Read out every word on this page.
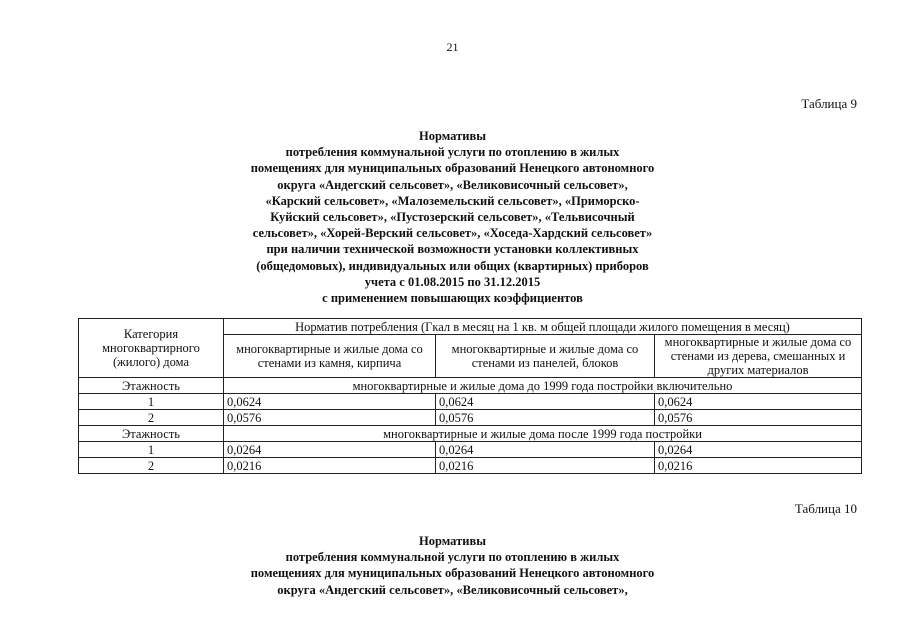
21
Таблица 9
Нормативы
потребления коммунальной услуги по отоплению в жилых
помещениях для муниципальных образований Ненецкого автономного
округа «Андегский сельсовет», «Великовисочный сельсовет»,
«Карский сельсовет», «Малоземельский сельсовет», «Приморско-
Куйский сельсовет», «Пустозерский сельсовет», «Тельвисочный
сельсовет», «Хорей-Верский сельсовет», «Хоседа-Хардский сельсовет»
при наличии технической возможности установки коллективных
(общедомовых), индивидуальных или общих (квартирных) приборов
учета с 01.08.2015 по 31.12.2015
с применением повышающих коэффициентов
Категория многоквартирного (жилого) дома	Норматив потребления (Гкал в месяц на 1 кв. м общей площади жилого помещения в месяц)		
	многоквартирные и жилые дома со стенами из камня, кирпича	многоквартирные и жилые дома со стенами из панелей, блоков	многоквартирные и жилые дома со стенами из дерева, смешанных и других материалов
Этажность	многоквартирные и жилые дома до 1999 года постройки включительно		
1	0,0624	0,0624	0,0624
2	0,0576	0,0576	0,0576
Этажность	многоквартирные и жилые дома после 1999 года постройки		
1	0,0264	0,0264	0,0264
2	0,0216	0,0216	0,0216
Таблица 10
Нормативы
потребления коммунальной услуги по отоплению в жилых
помещениях для муниципальных образований Ненецкого автономного
округа «Андегский сельсовет», «Великовисочный сельсовет»,
